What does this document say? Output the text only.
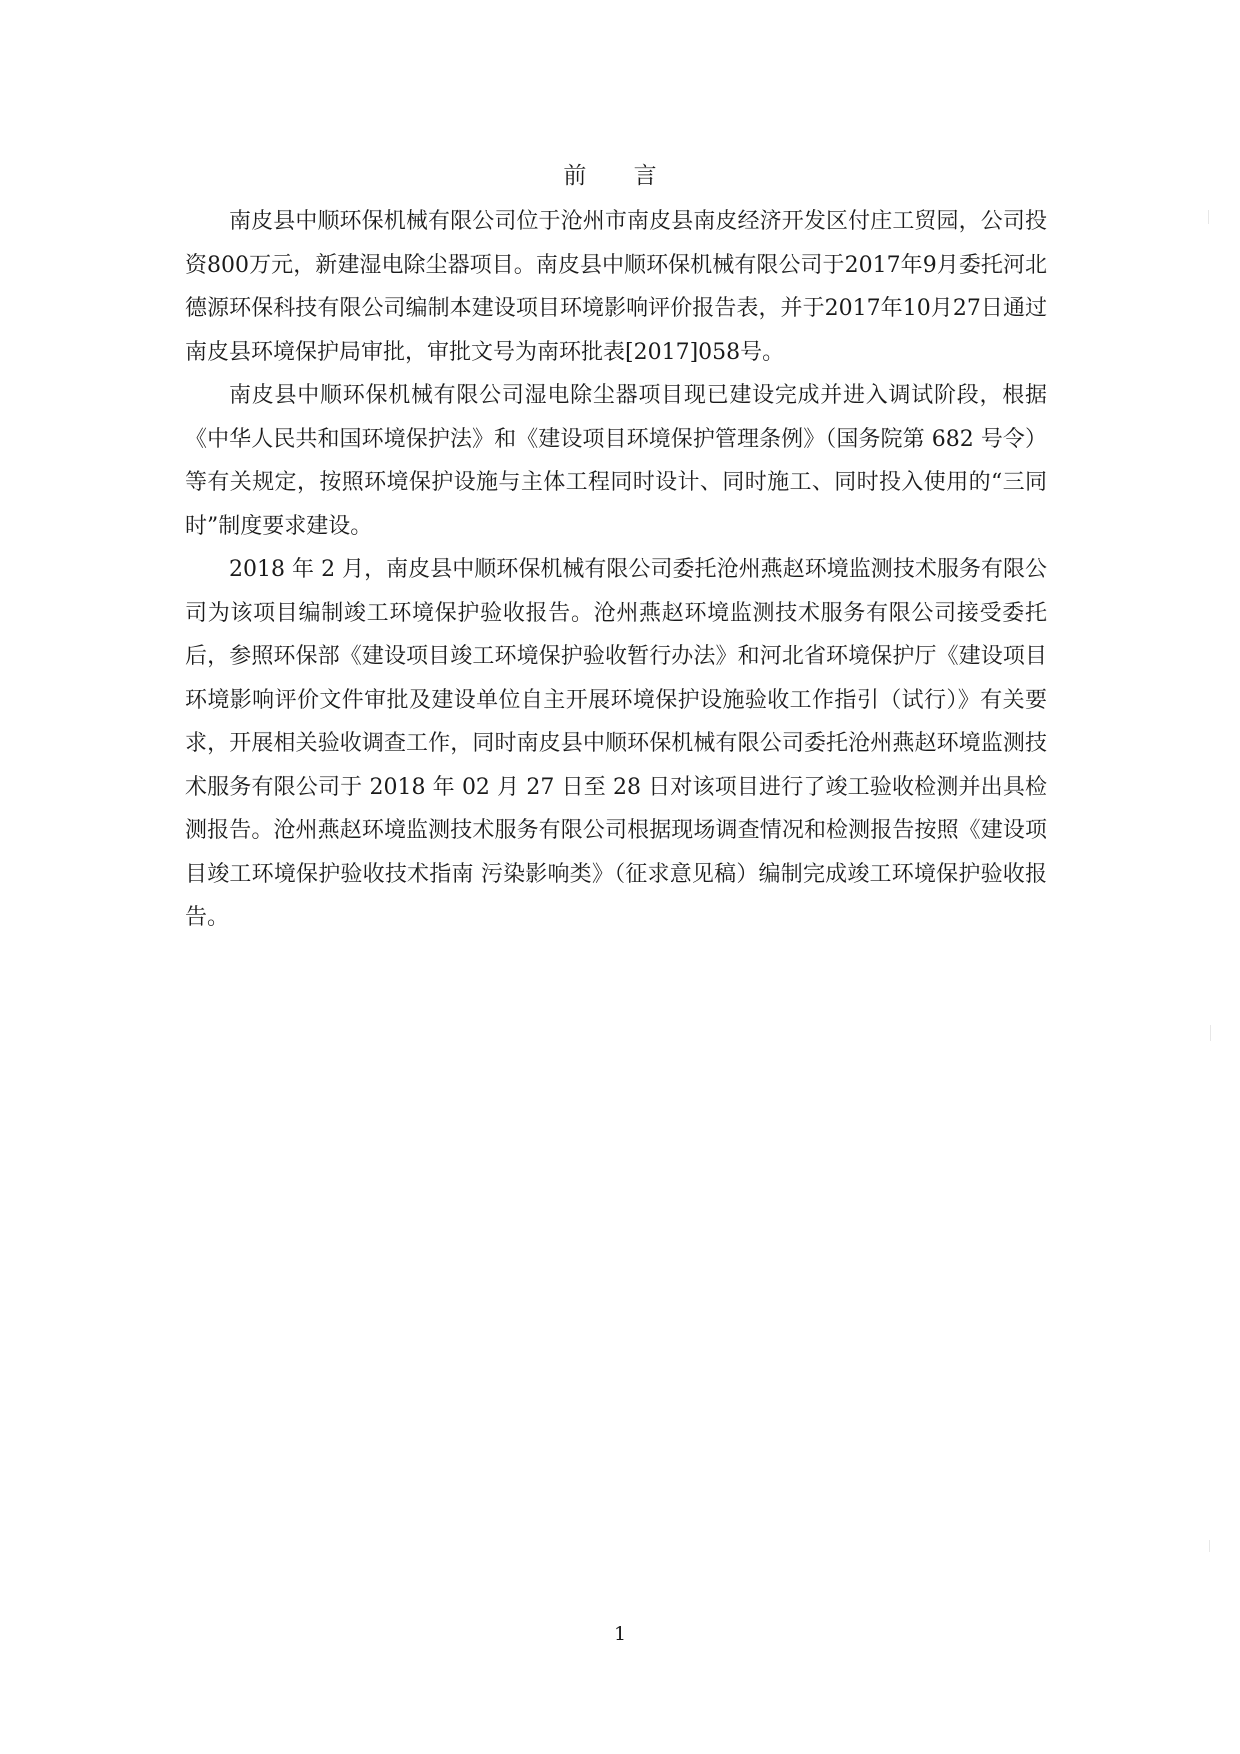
前 言

南皮县中顺环保机械有限公司位于沧州市南皮县南皮经济开发区付庄工贸园，公司投资800万元，新建湿电除尘器项目。南皮县中顺环保机械有限公司于2017年9月委托河北德源环保科技有限公司编制本建设项目环境影响评价报告表，并于2017年10月27日通过南皮县环境保护局审批，审批文号为南环批表[2017]058号。

南皮县中顺环保机械有限公司湿电除尘器项目现已建设完成并进入调试阶段，根据《中华人民共和国环境保护法》和《建设项目环境保护管理条例》（国务院第 682 号令）等有关规定，按照环境保护设施与主体工程同时设计、同时施工、同时投入使用的“三同时”制度要求建设。

2018 年 2 月，南皮县中顺环保机械有限公司委托沧州燕赵环境监测技术服务有限公司为该项目编制竣工环境保护验收报告。沧州燕赵环境监测技术服务有限公司接受委托后，参照环保部《建设项目竣工环境保护验收暂行办法》和河北省环境保护厅《建设项目环境影响评价文件审批及建设单位自主开展环境保护设施验收工作指引（试行）》有关要求，开展相关验收调查工作，同时南皮县中顺环保机械有限公司委托沧州燕赵环境监测技术服务有限公司于 2018 年 02 月 27 日至 28 日对该项目进行了竣工验收检测并出具检测报告。沧州燕赵环境监测技术服务有限公司根据现场调查情况和检测报告按照《建设项目竣工环境保护验收技术指南 污染影响类》（征求意见稿）编制完成竣工环境保护验收报告。

1
